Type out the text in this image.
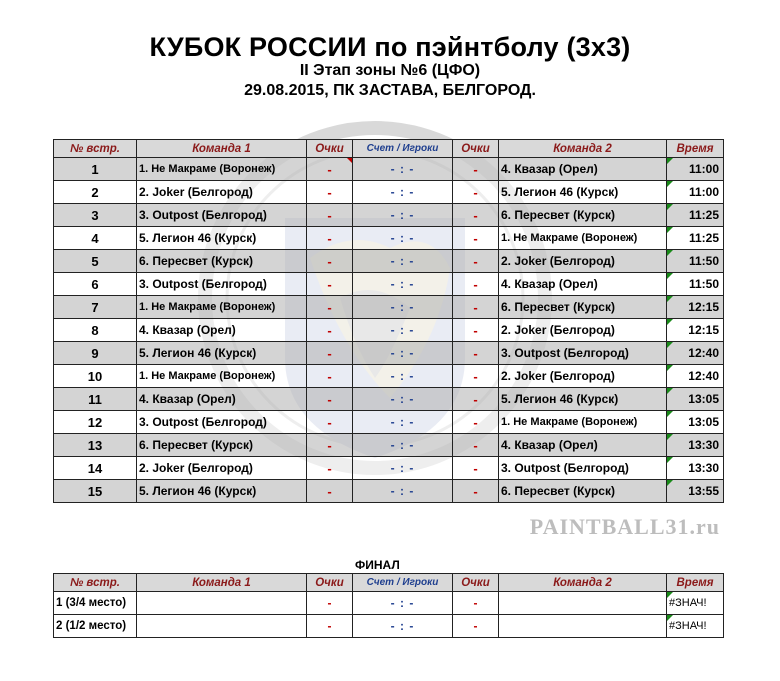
PAINTBALL31.ru
КУБОК РОССИИ по пэйнтболу (3х3)
II Этап зоны №6 (ЦФО)
29.08.2015, ПК ЗАСТАВА, БЕЛГОРОД.
№ встр.	Команда 1	Очки	Счет / Игроки	Очки	Команда 2	Время
1	1. Не Макраме (Воронеж)	-	- : -	-	4. Квазар (Орел)	11:00

2	2. Joker (Белгород)	-	- : -	-	5. Легион 46 (Курск)	11:00

3	3. Outpost (Белгород)	-	- : -	-	6. Пересвет (Курск)	11:25

4	5. Легион 46 (Курск)	-	- : -	-	1. Не Макраме (Воронеж)	11:25

5	6. Пересвет (Курск)	-	- : -	-	2. Joker (Белгород)	11:50

6	3. Outpost (Белгород)	-	- : -	-	4. Квазар (Орел)	11:50

7	1. Не Макраме (Воронеж)	-	- : -	-	6. Пересвет (Курск)	12:15

8	4. Квазар (Орел)	-	- : -	-	2. Joker (Белгород)	12:15

9	5. Легион 46 (Курск)	-	- : -	-	3. Outpost (Белгород)	12:40

10	1. Не Макраме (Воронеж)	-	- : -	-	2. Joker (Белгород)	12:40

11	4. Квазар (Орел)	-	- : -	-	5. Легион 46 (Курск)	13:05

12	3. Outpost (Белгород)	-	- : -	-	1. Не Макраме (Воронеж)	13:05

13	6. Пересвет (Курск)	-	- : -	-	4. Квазар (Орел)	13:30

14	2. Joker (Белгород)	-	- : -	-	3. Outpost (Белгород)	13:30

15	5. Легион 46 (Курск)	-	- : -	-	6. Пересвет (Курск)	13:55
ФИНАЛ
№ встр.	Команда 1	Очки	Счет / Игроки	Очки	Команда 2	Время
1 (3/4 место)		-	- : -	-		#ЗНАЧ!

2 (1/2 место)		-	- : -	-		#ЗНАЧ!
